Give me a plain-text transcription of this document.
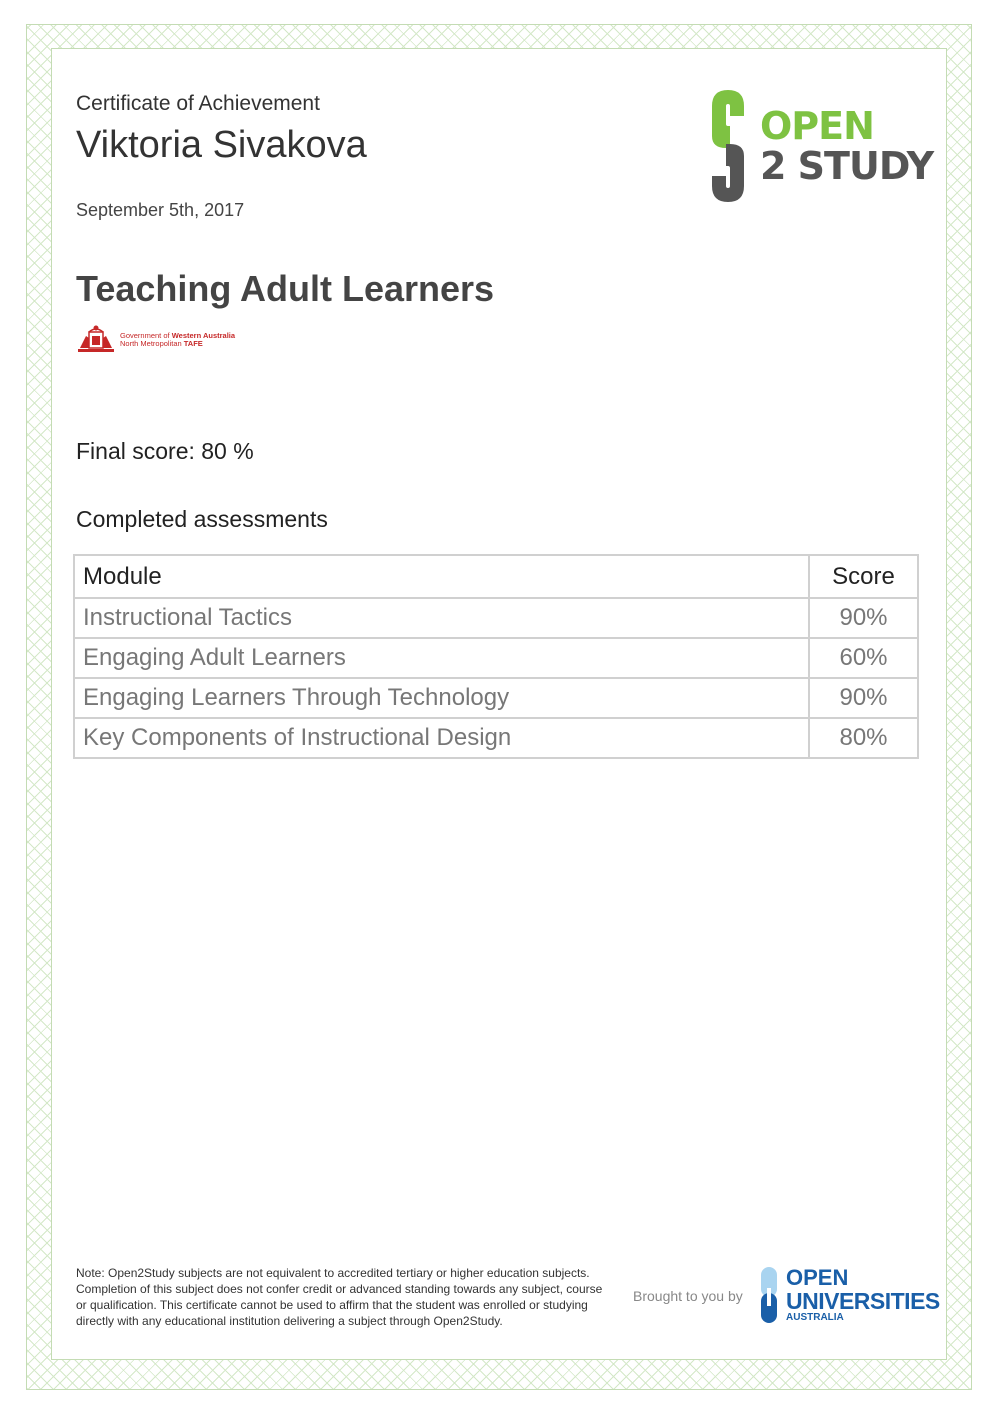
Certificate of Achievement
Viktoria Sivakova
September 5th, 2017
Teaching Adult Learners
Government of Western Australia
North Metropolitan TAFE
Final score: 80 %
Completed assessments
Module	Score
Instructional Tactics	90%
Engaging Adult Learners	60%
Engaging Learners Through Technology	90%
Key Components of Instructional Design	80%
OPEN
2 STUDY
Note: Open2Study subjects are not equivalent to accredited tertiary or higher education subjects. Completion of this subject does not confer credit or advanced standing towards any subject, course or qualification. This certificate cannot be used to affirm that the student was enrolled or studying directly with any educational institution delivering a subject through Open2Study.
Brought to you by
OPEN
UNIVERSITIES
AUSTRALIA
